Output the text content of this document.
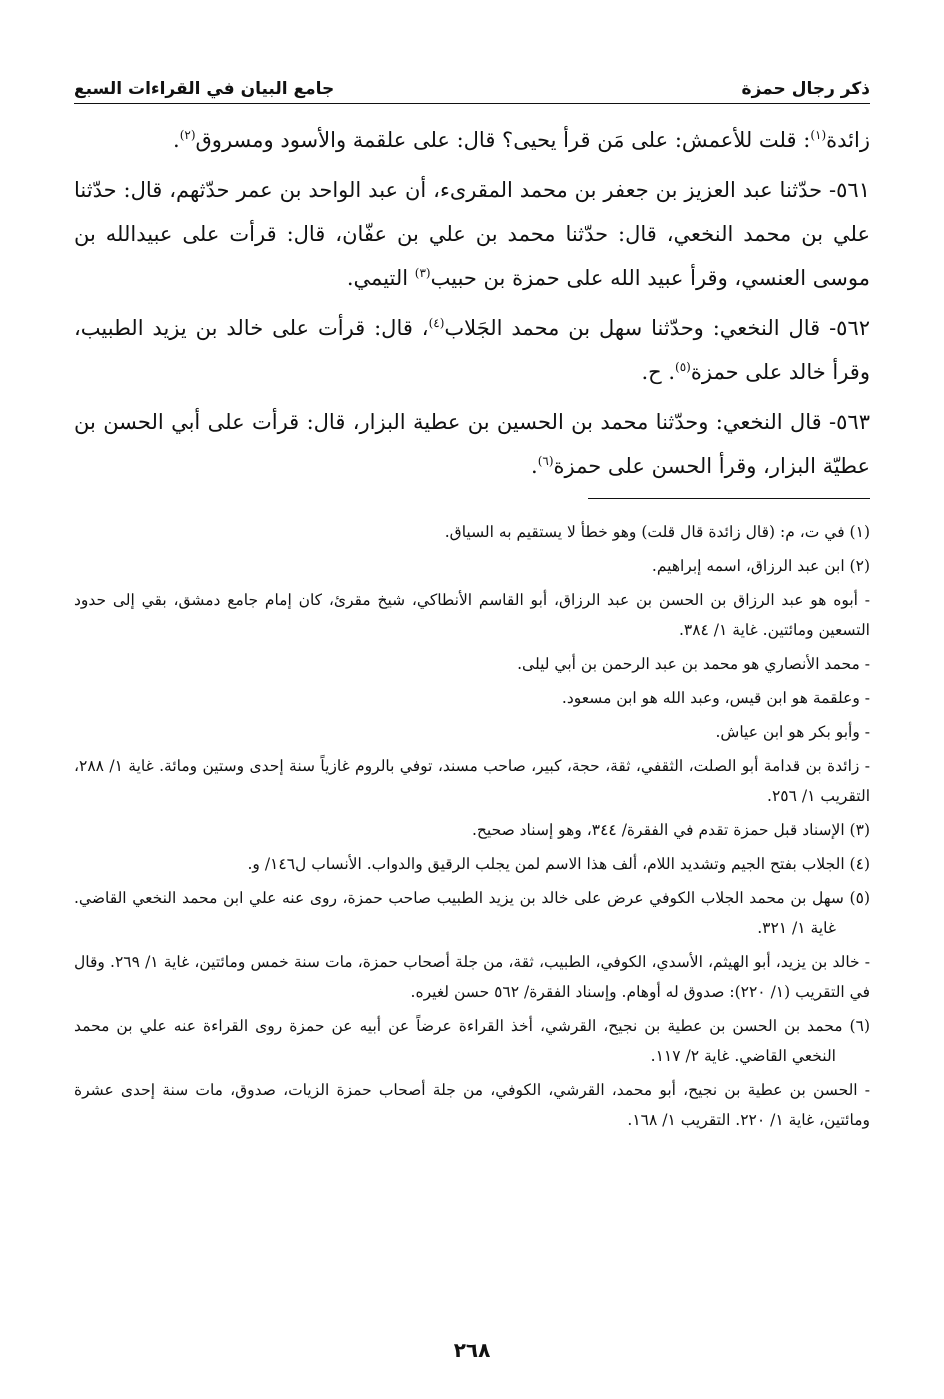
ذكر رجال حمزة
جامع البيان في القراءات السبع

زائدة$^{(١)}$: قلت للأعمش: على مَن قرأ يحيى؟ قال: على علقمة والأسود ومسروق$^{(٢)}$.

٥٦١- حدّثنا عبد العزيز بن جعفر بن محمد المقرىء، أن عبد الواحد بن عمر حدّثهم، قال: حدّثنا علي بن محمد النخعي، قال: حدّثنا محمد بن علي بن عفّان، قال: قرأت على عبيدالله بن موسى العنسي، وقرأ عبيد الله على حمزة بن حبيب$^{(٣)}$ التيمي.

٥٦٢- قال النخعي: وحدّثنا سهل بن محمد الجَلاب$^{(٤)}$، قال: قرأت على خالد بن يزيد الطبيب، وقرأ خالد على حمزة$^{(٥)}$. ح.

٥٦٣- قال النخعي: وحدّثنا محمد بن الحسين بن عطية البزار، قال: قرأت على أبي الحسن بن عطيّة البزار، وقرأ الحسن على حمزة$^{(٦)}$.

(١) في ت، م: (قال زائدة قال قلت) وهو خطأ لا يستقيم به السياق.

(٢) ابن عبد الرزاق، اسمه إبراهيم.

- أبوه هو عبد الرزاق بن الحسن بن عبد الرزاق، أبو القاسم الأنطاكي، شيخ مقرئ، كان إمام جامع دمشق، بقي إلى حدود التسعين ومائتين. غاية ١/ ٣٨٤.

- محمد الأنصاري هو محمد بن عبد الرحمن بن أبي ليلى.

- وعلقمة هو ابن قيس، وعبد الله هو ابن مسعود.

- وأبو بكر هو ابن عياش.

- زائدة بن قدامة أبو الصلت، الثقفي، ثقة، حجة، كبير، صاحب مسند، توفي بالروم غازياً سنة إحدى وستين ومائة. غاية ١/ ٢٨٨، التقريب ١/ ٢٥٦.

(٣) الإسناد قبل حمزة تقدم في الفقرة/ ٣٤٤، وهو إسناد صحيح.

(٤) الجلاب بفتح الجيم وتشديد اللام، ألف هذا الاسم لمن يجلب الرقيق والدواب. الأنساب ل١٤٦/ و.

(٥) سهل بن محمد الجلاب الكوفي عرض على خالد بن يزيد الطبيب صاحب حمزة، روى عنه علي ابن محمد النخعي القاضي. غاية ١/ ٣٢١.

- خالد بن يزيد، أبو الهيثم، الأسدي، الكوفي، الطبيب، ثقة، من جلة أصحاب حمزة، مات سنة خمس ومائتين، غاية ١/ ٢٦٩. وقال في التقريب (١/ ٢٢٠): صدوق له أوهام. وإسناد الفقرة/ ٥٦٢ حسن لغيره.

(٦) محمد بن الحسن بن عطية بن نجيح، القرشي، أخذ القراءة عرضاً عن أبيه عن حمزة روى القراءة عنه علي بن محمد النخعي القاضي. غاية ٢/ ١١٧.

- الحسن بن عطية بن نجيح، أبو محمد، القرشي، الكوفي، من جلة أصحاب حمزة الزيات، صدوق، مات سنة إحدى عشرة ومائتين، غاية ١/ ٢٢٠. التقريب ١/ ١٦٨.

٢٦٨
